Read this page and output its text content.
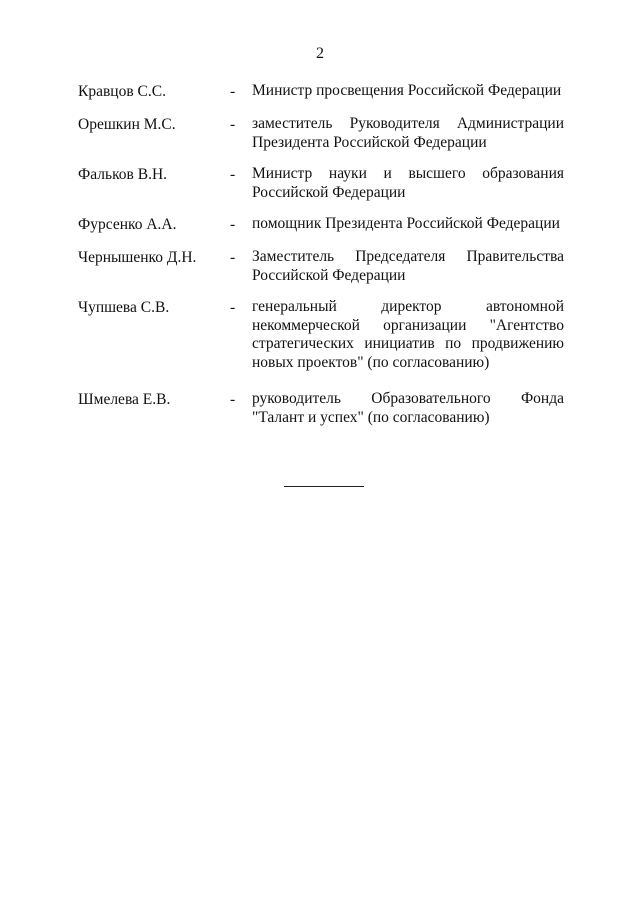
2
Кравцов С.С.	- Министр просвещения Российской Федерации
Орешкин М.С.	- заместитель Руководителя Администрации Президента Российской Федерации
Фальков В.Н.	- Министр науки и высшего образования Российской Федерации
Фурсенко А.А.	- помощник Президента Российской Федерации
Чернышенко Д.Н. - Заместитель Председателя Правительства Российской Федерации
Чупшева С.В.	- генеральный директор автономной некоммерческой организации "Агентство стратегических инициатив по продвижению новых проектов" (по согласованию)
Шмелева Е.В.	- руководитель Образовательного Фонда "Талант и успех" (по согласованию)
